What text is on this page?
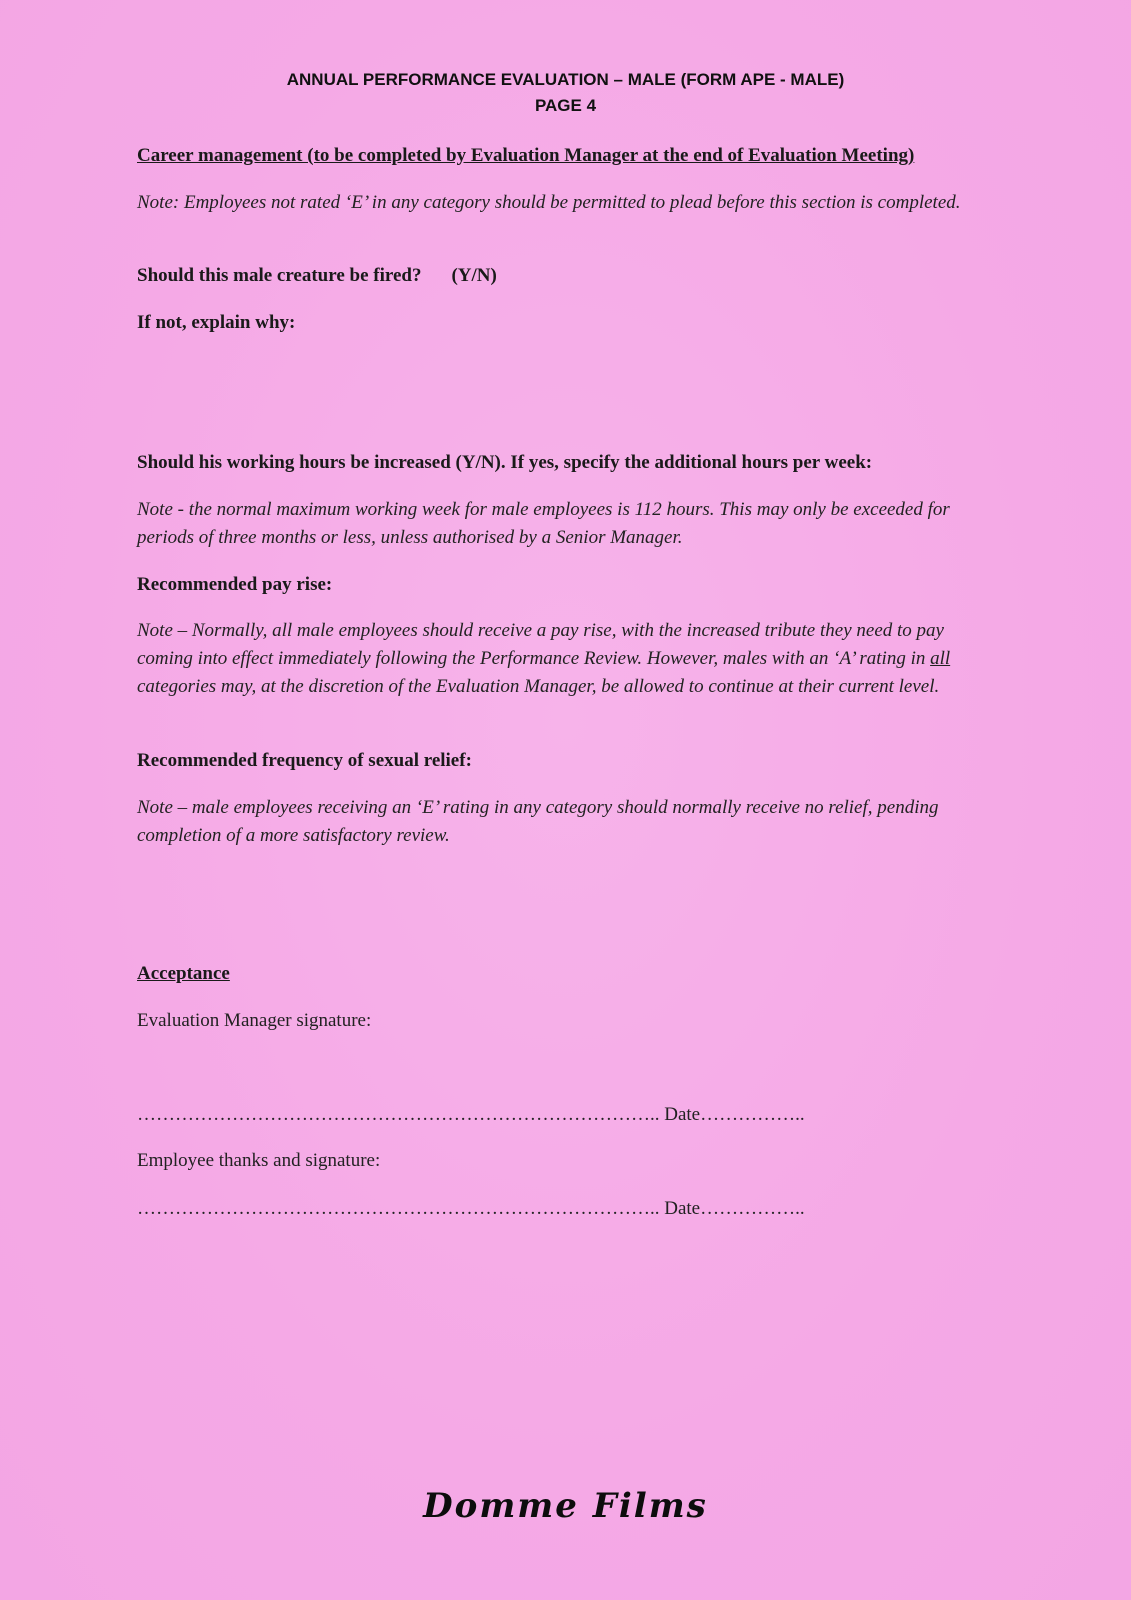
ANNUAL PERFORMANCE EVALUATION – MALE (FORM APE - MALE)
PAGE 4
Career management (to be completed by Evaluation Manager at the end of Evaluation Meeting)
Note: Employees not rated ‘E’ in any category should be permitted to plead before this section is completed.
Should this male creature be fired? (Y/N)
If not, explain why:
Should his working hours be increased (Y/N). If yes, specify the additional hours per week:
Note - the normal maximum working week for male employees is 112 hours. This may only be exceeded for periods of three months or less, unless authorised by a Senior Manager.
Recommended pay rise:
Note – Normally, all male employees should receive a pay rise, with the increased tribute they need to pay coming into effect immediately following the Performance Review. However, males with an ‘A’ rating in all categories may, at the discretion of the Evaluation Manager, be allowed to continue at their current level.
Recommended frequency of sexual relief:
Note – male employees receiving an ‘E’ rating in any category should normally receive no relief, pending completion of a more satisfactory review.
Acceptance
Evaluation Manager signature:
……………………………………………………………………….. Date……………..
Employee thanks and signature:
……………………………………………………………………….. Date……………..
Domme Films
